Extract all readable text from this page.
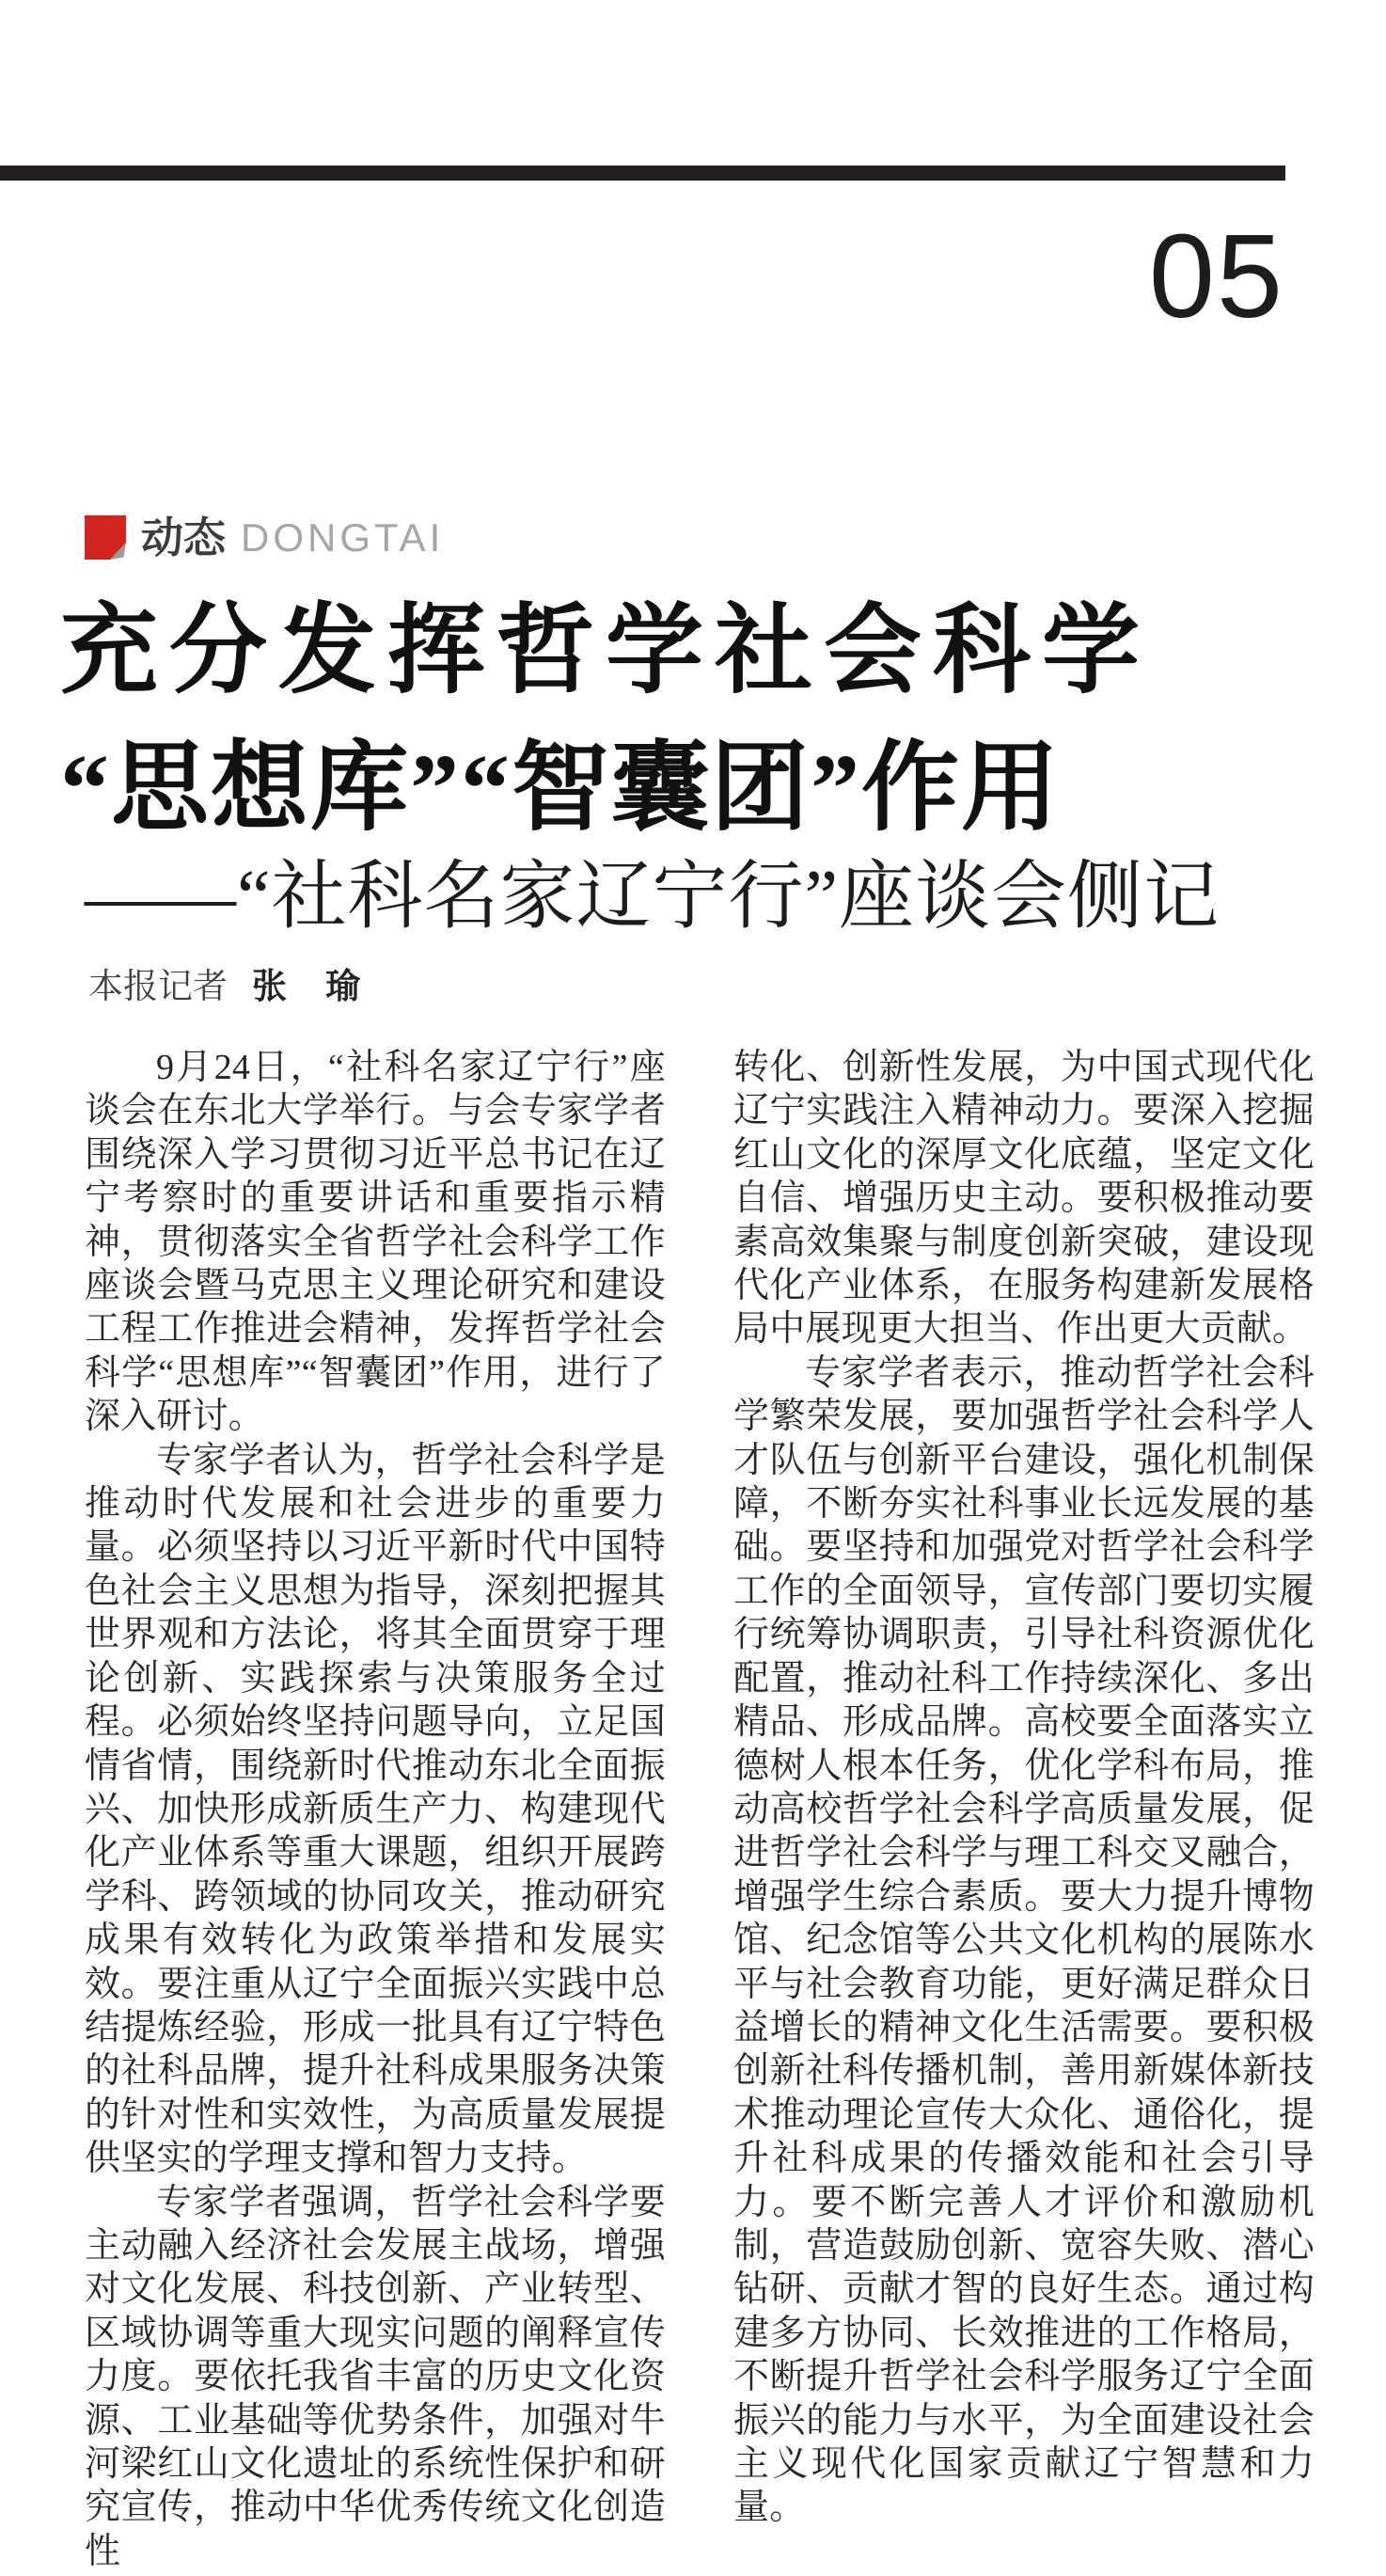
05
动态 DONGTAI
充分发挥哲学社会科学
“思想库”“智囊团”作用
——“社科名家辽宁行”座谈会侧记
本报记者 张　瑜

9月24日，“社科名家辽宁行”座谈会在东北大学举行。与会专家学者围绕深入学习贯彻习近平总书记在辽宁考察时的重要讲话和重要指示精神，贯彻落实全省哲学社会科学工作座谈会暨马克思主义理论研究和建设工程工作推进会精神，发挥哲学社会科学“思想库”“智囊团”作用，进行了深入研讨。

专家学者认为，哲学社会科学是推动时代发展和社会进步的重要力量。必须坚持以习近平新时代中国特色社会主义思想为指导，深刻把握其世界观和方法论，将其全面贯穿于理论创新、实践探索与决策服务全过程。必须始终坚持问题导向，立足国情省情，围绕新时代推动东北全面振兴、加快形成新质生产力、构建现代化产业体系等重大课题，组织开展跨学科、跨领域的协同攻关，推动研究成果有效转化为政策举措和发展实效。要注重从辽宁全面振兴实践中总结提炼经验，形成一批具有辽宁特色的社科品牌，提升社科成果服务决策的针对性和实效性，为高质量发展提供坚实的学理支撑和智力支持。

专家学者强调，哲学社会科学要主动融入经济社会发展主战场，增强对文化发展、科技创新、产业转型、区域协调等重大现实问题的阐释宣传力度。要依托我省丰富的历史文化资源、工业基础等优势条件，加强对牛河梁红山文化遗址的系统性保护和研究宣传，推动中华优秀传统文化创造性

转化、创新性发展，为中国式现代化辽宁实践注入精神动力。要深入挖掘红山文化的深厚文化底蕴，坚定文化自信、增强历史主动。要积极推动要素高效集聚与制度创新突破，建设现代化产业体系，在服务构建新发展格局中展现更大担当、作出更大贡献。

专家学者表示，推动哲学社会科学繁荣发展，要加强哲学社会科学人才队伍与创新平台建设，强化机制保障，不断夯实社科事业长远发展的基础。要坚持和加强党对哲学社会科学工作的全面领导，宣传部门要切实履行统筹协调职责，引导社科资源优化配置，推动社科工作持续深化、多出精品、形成品牌。高校要全面落实立德树人根本任务，优化学科布局，推动高校哲学社会科学高质量发展，促进哲学社会科学与理工科交叉融合，增强学生综合素质。要大力提升博物馆、纪念馆等公共文化机构的展陈水平与社会教育功能，更好满足群众日益增长的精神文化生活需要。要积极创新社科传播机制，善用新媒体新技术推动理论宣传大众化、通俗化，提升社科成果的传播效能和社会引导力。要不断完善人才评价和激励机制，营造鼓励创新、宽容失败、潜心钻研、贡献才智的良好生态。通过构建多方协同、长效推进的工作格局，不断提升哲学社会科学服务辽宁全面振兴的能力与水平，为全面建设社会主义现代化国家贡献辽宁智慧和力量。
